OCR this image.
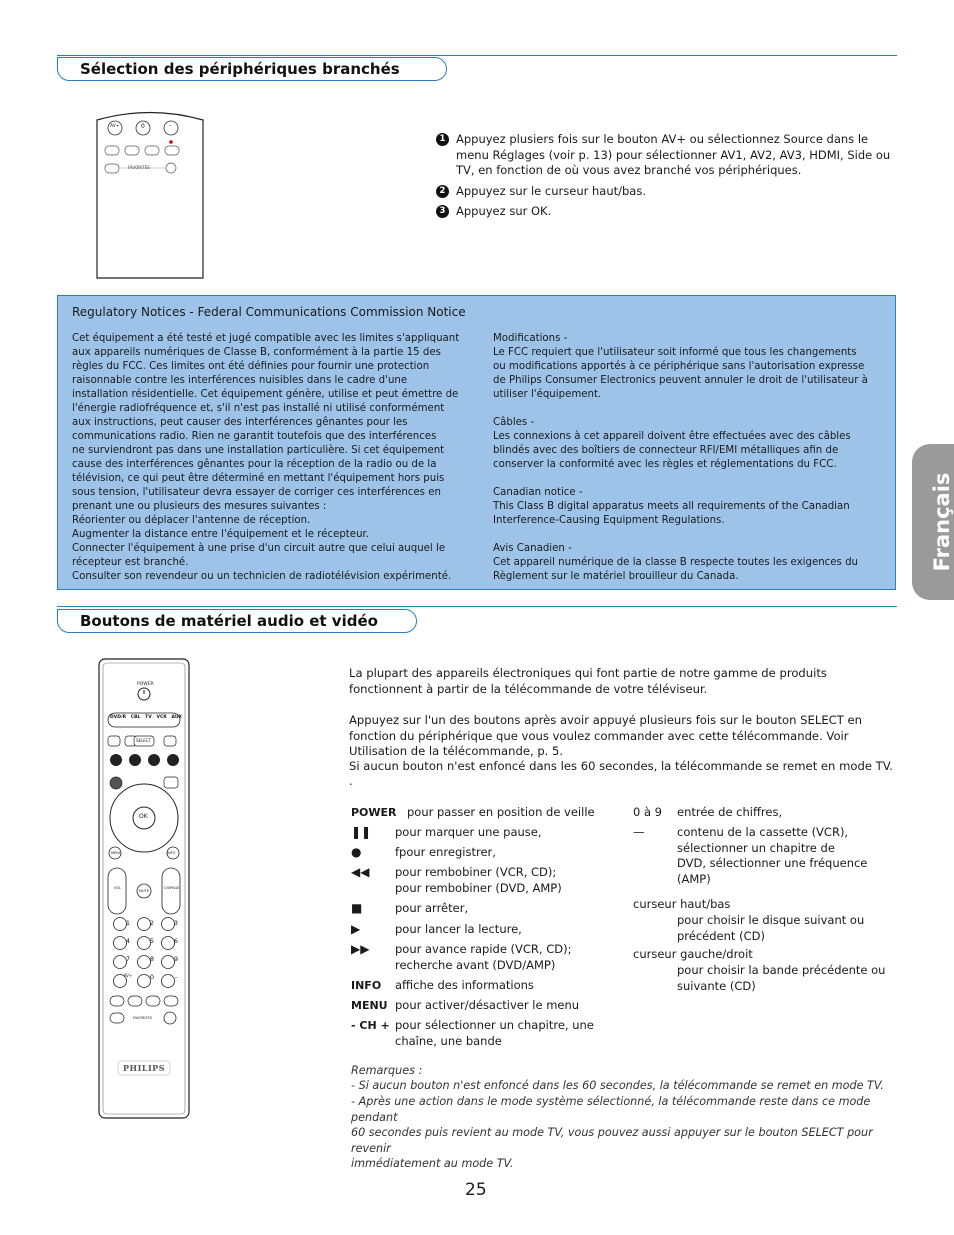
Sélection des périphériques branchés
AV+	0	-
FAVORITES
1 Appuyez plusiers fois sur le bouton AV+ ou sélectionnez Source dans le menu Réglages (voir p. 13) pour sélectionner AV1, AV2, AV3, HDMI, Side ou TV, en fonction de où vous avez branché vos périphériques.
2 Appuyez sur le curseur haut/bas.
3 Appuyez sur OK.
Regulatory Notices - Federal Communications Commission Notice
Cet équipement a été testé et jugé compatible avec les limites s'appliquant
aux appareils numériques de Classe B, conformément à la partie 15 des
règles du FCC. Ces limites ont été définies pour fournir une protection
raisonnable contre les interférences nuisibles dans le cadre d'une
installation résidentielle. Cet équipement génère, utilise et peut émettre de
l'énergie radiofréquence et, s'il n'est pas installé ni utilisé conformément
aux instructions, peut causer des interférences gênantes pour les
communications radio. Rien ne garantit toutefois que des interférences
ne surviendront pas dans une installation particulière. Si cet équipement
cause des interférences gênantes pour la réception de la radio ou de la
télévision, ce qui peut être déterminé en mettant l'équipement hors puis
sous tension, l'utilisateur devra essayer de corriger ces interférences en
prenant une ou plusieurs des mesures suivantes :
Réorienter ou déplacer l'antenne de réception.
Augmenter la distance entre l'équipement et le récepteur.
Connecter l'équipement à une prise d'un circuit autre que celui auquel le
récepteur est branché.
Consulter son revendeur ou un technicien de radiotélévision expérimenté.
Modifications -
Le FCC requiert que l'utilisateur soit informé que tous les changements
ou modifications apportés à ce périphérique sans l'autorisation expresse
de Philips Consumer Electronics peuvent annuler le droit de l'utilisateur à
utiliser l'équipement.

Câbles -
Les connexions à cet appareil doivent être effectuées avec des câbles
blindés avec des boîtiers de connecteur RFI/EMI métalliques afin de
conserver la conformité avec les règles et réglementations du FCC.

Canadian notice -
This Class B digital apparatus meets all requirements of the Canadian
Interference-Causing Equipment Regulations.

Avis Canadien -
Cet appareil numérique de la classe B respecte toutes les exigences du
Règlement sur le matériel brouilleur du Canada.
Boutons de matériel audio et vidéo
POWER
DVD/R CBL TV VCR AUX
SELECT
OK
MENU	INFO
MUTE
VOL	CH/PAGE
1	2	3
4	5	6
7	8	9
AV+	0	-
FAVORITES
PHILIPS
La plupart des appareils électroniques qui font partie de notre gamme de produits fonctionnent à partir de la télécommande de votre téléviseur.
Appuyez sur l'un des boutons après avoir appuyé plusieurs fois sur le bouton SELECT en fonction du périphérique que vous voulez commander avec cette télécommande. Voir Utilisation de la télécommande, p. 5.
Si aucun bouton n'est enfoncé dans les 60 secondes, la télécommande se remet en mode TV.
.
POWER pour passer en position de veille
❚❚ pour marquer une pause,
●	fpour enregistrer,
◀◀ pour rembobiner (VCR, CD);
pour rembobiner (DVD, AMP)
■	pour arrêter,
▶	pour lancer la lecture,
▶▶ pour avance rapide (VCR, CD);
recherche avant (DVD/AMP)
INFO affiche des informations
MENU pour activer/désactiver le menu
- CH + pour sélectionner un chapitre, une
chaîne, une bande
0 à 9 entrée de chiffres,
—	contenu de la cassette (VCR),
sélectionner un chapitre de
DVD, sélectionner une fréquence
(AMP)
curseur haut/bas
pour choisir le disque suivant ou
précédent (CD)
curseur gauche/droit
pour choisir la bande précédente ou
suivante (CD)
Remarques :
- Si aucun bouton n'est enfoncé dans les 60 secondes, la télécommande se remet en mode TV.
- Après une action dans le mode système sélectionné, la télécommande reste dans ce mode pendant
60 secondes puis revient au mode TV, vous pouvez aussi appuyer sur le bouton SELECT pour revenir
immédiatement au mode TV.
Français
25
